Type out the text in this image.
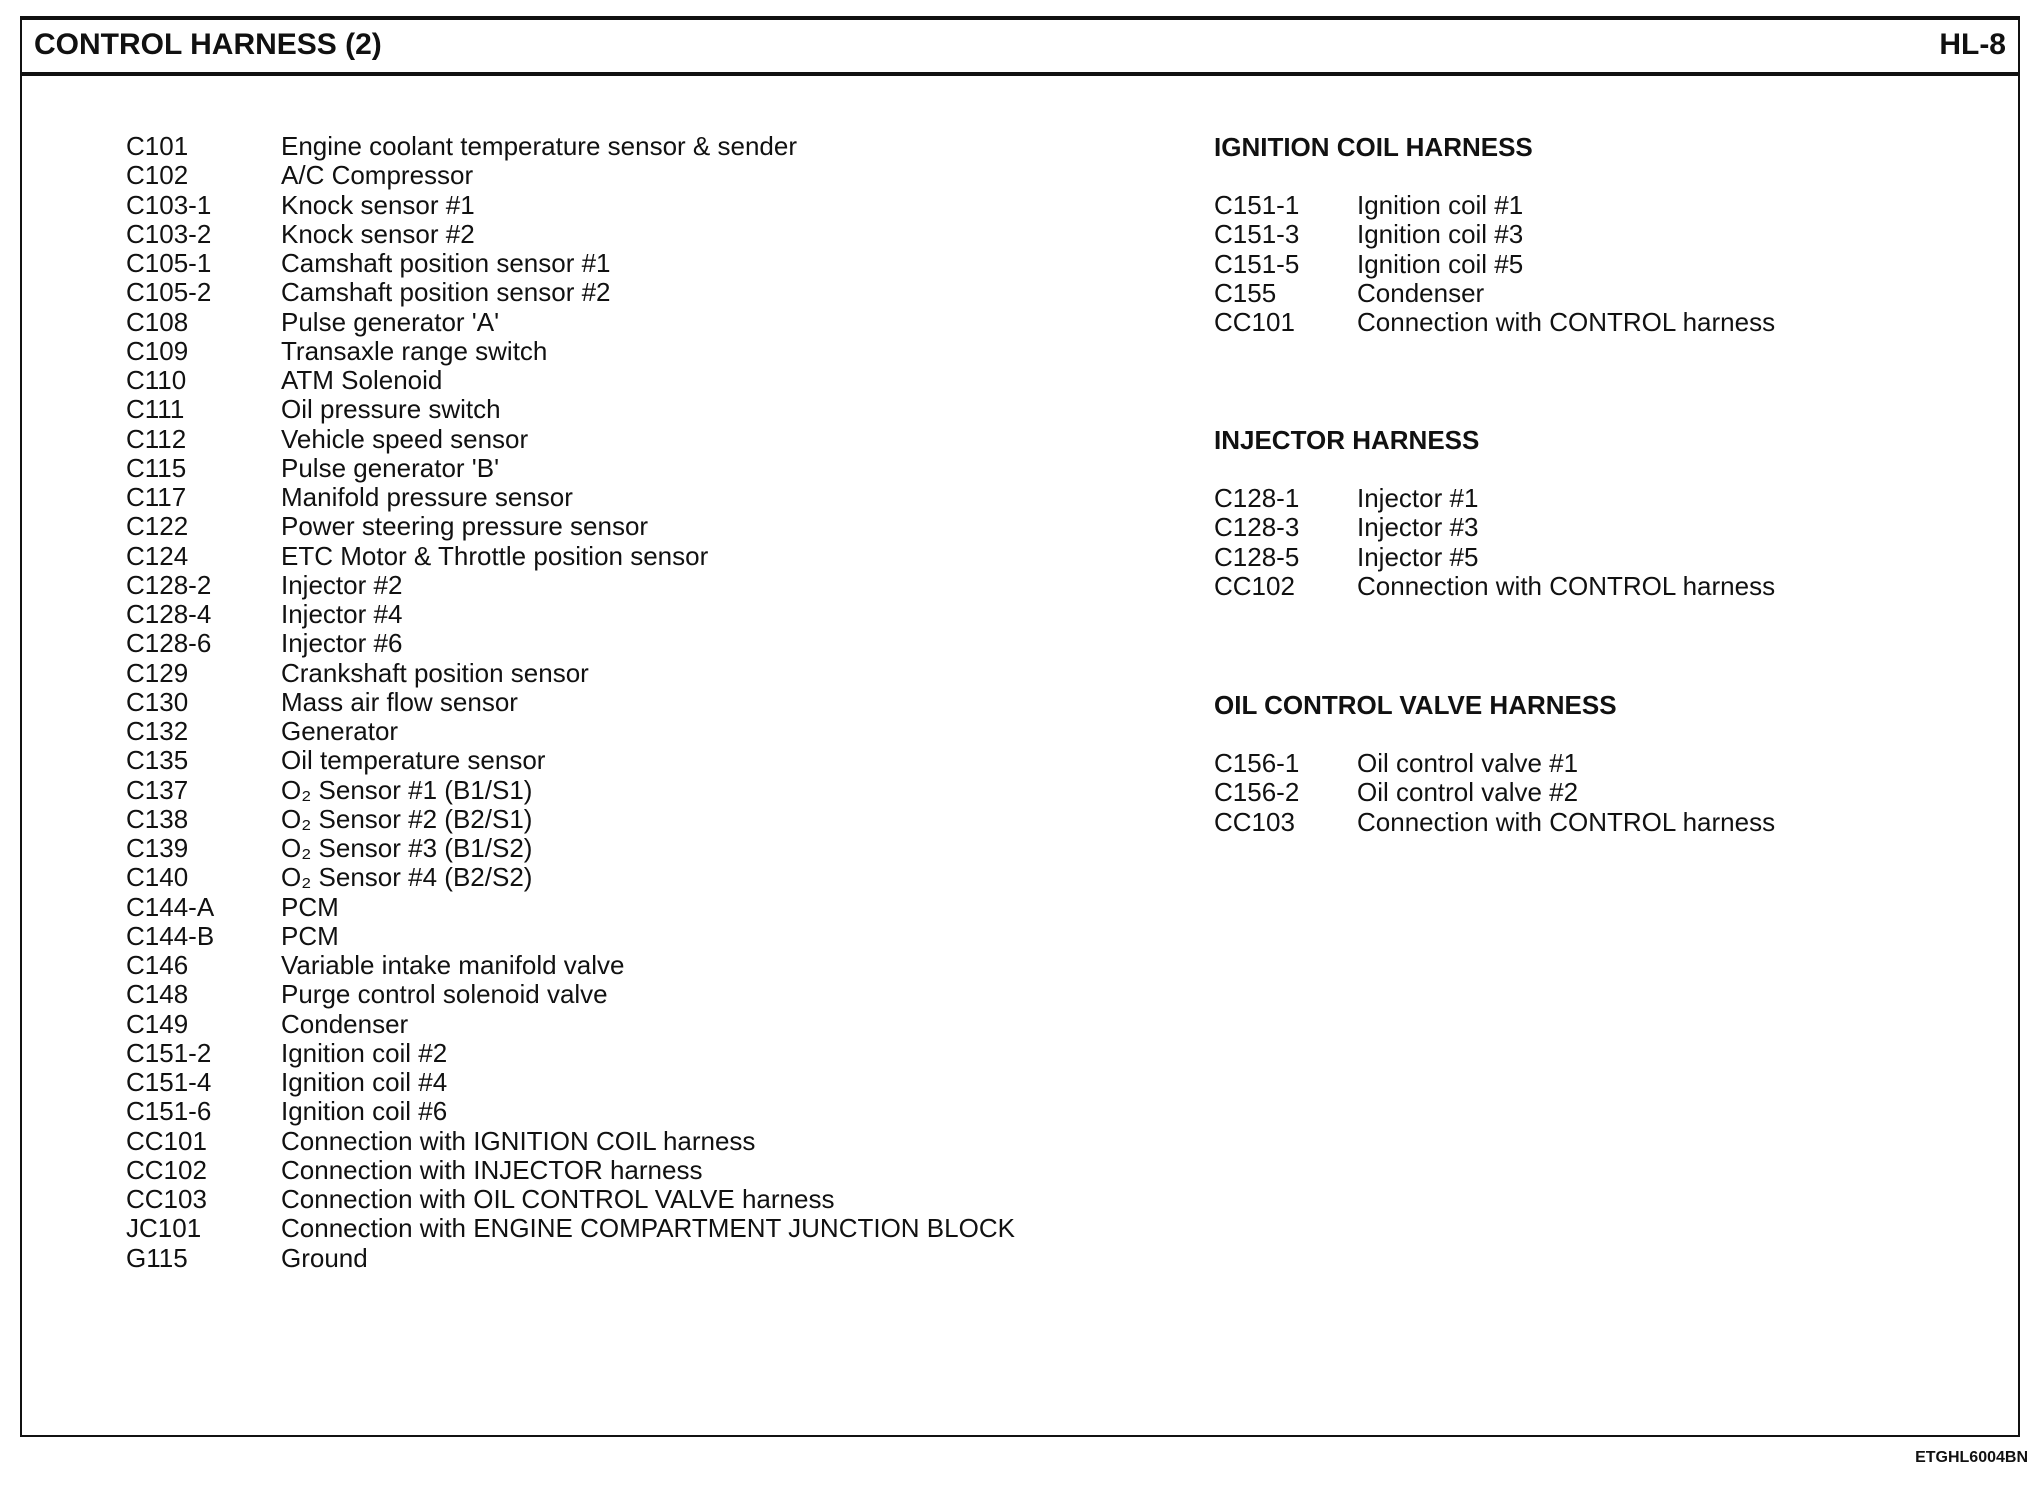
CONTROL HARNESS (2)	HL-8
C101	Engine coolant temperature sensor & sender
C102	A/C Compressor
C103-1	Knock sensor #1
C103-2	Knock sensor #2
C105-1	Camshaft position sensor #1
C105-2	Camshaft position sensor #2
C108	Pulse generator 'A'
C109	Transaxle range switch
C110	ATM Solenoid
C111	Oil pressure switch
C112	Vehicle speed sensor
C115	Pulse generator 'B'
C117	Manifold pressure sensor
C122	Power steering pressure sensor
C124	ETC Motor & Throttle position sensor
C128-2	Injector #2
C128-4	Injector #4
C128-6	Injector #6
C129	Crankshaft position sensor
C130	Mass air flow sensor
C132	Generator
C135	Oil temperature sensor
C137	O₂ Sensor #1 (B1/S1)
C138	O₂ Sensor #2 (B2/S1)
C139	O₂ Sensor #3 (B1/S2)
C140	O₂ Sensor #4 (B2/S2)
C144-A	PCM
C144-B	PCM
C146	Variable intake manifold valve
C148	Purge control solenoid valve
C149	Condenser
C151-2	Ignition coil #2
C151-4	Ignition coil #4
C151-6	Ignition coil #6
CC101	Connection with IGNITION COIL harness
CC102	Connection with INJECTOR harness
CC103	Connection with OIL CONTROL VALVE harness
JC101	Connection with ENGINE COMPARTMENT JUNCTION BLOCK
G115	Ground
IGNITION COIL HARNESS
C151-1 Ignition coil #1
C151-3 Ignition coil #3
C151-5 Ignition coil #5
C155	Condenser
CC101 Connection with CONTROL harness
INJECTOR HARNESS
C128-1 Injector #1
C128-3 Injector #3
C128-5 Injector #5
CC102 Connection with CONTROL harness
OIL CONTROL VALVE HARNESS
C156-1 Oil control valve #1
C156-2 Oil control valve #2
CC103 Connection with CONTROL harness
ETGHL6004BN
